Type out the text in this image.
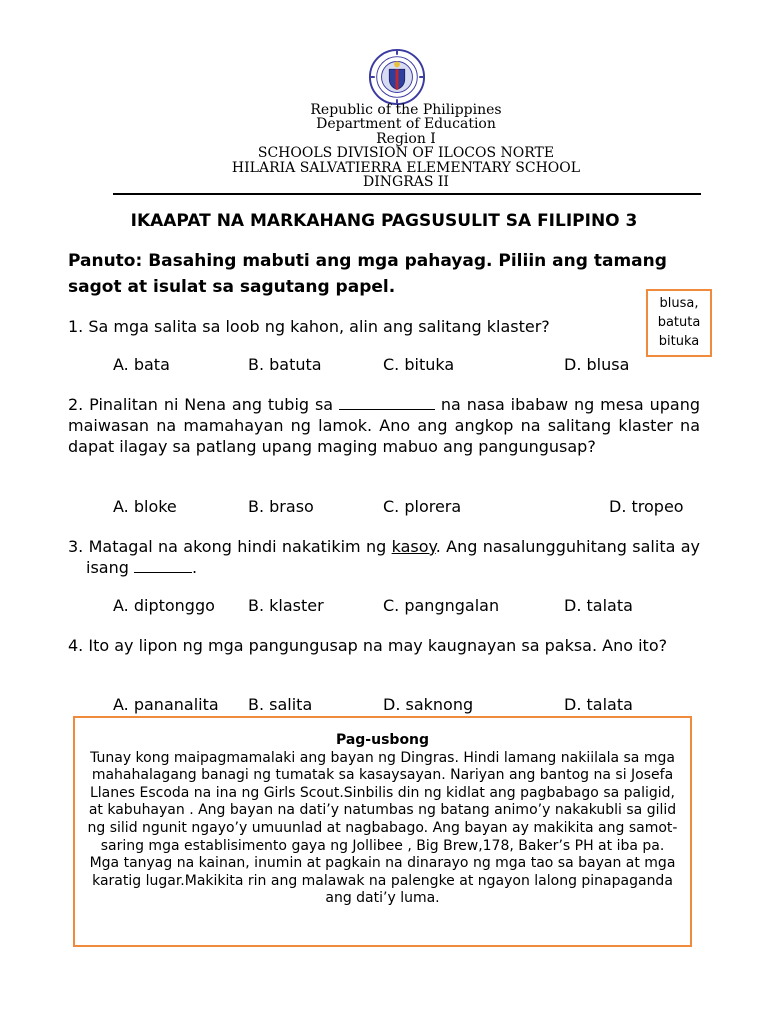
Republic of the Philippines
Department of Education
Region I
SCHOOLS DIVISION OF ILOCOS NORTE
HILARIA SALVATIERRA ELEMENTARY SCHOOL
DINGRAS II
IKAAPAT NA MARKAHANG PAGSUSULIT SA FILIPINO 3
Panuto: Basahing mabuti ang mga pahayag. Piliin ang tamang sagot at isulat sa sagutang papel.
blusa,
batuta
bituka
1. Sa mga salita sa loob ng kahon, alin ang salitang klaster?
A. bata	B. batuta	C. bituka	D. blusa
2. Pinalitan ni Nena ang tubig sa	na nasa ibabaw ng mesa upang maiwasan na mamahayan ng lamok. Ano ang angkop na salitang klaster na dapat ilagay sa patlang upang maging mabuo ang pangungusap?
A. bloke	B. braso	C. plorera	D. tropeo
3. Matagal na akong hindi nakatikim ng kasoy. Ang nasalungguhitang salita ay isang	.
A. diptonggo B. klaster	C. pangngalan	D. talata
4. Ito ay lipon ng mga pangungusap na may kaugnayan sa paksa. Ano ito?
A. pananalita B. salita	D. saknong	D. talata
Pag-usbong
Tunay kong maipagmamalaki ang bayan ng Dingras. Hindi lamang nakiilala sa mga mahahalagang banagi ng tumatak sa kasaysayan. Nariyan ang bantog na si Josefa Llanes Escoda na ina ng Girls Scout.Sinbilis din ng kidlat ang pagbabago sa paligid, at kabuhayan . Ang bayan na dati’y natumbas ng batang animo’y nakakubli sa gilid ng silid ngunit ngayo’y umuunlad at nagbabago. Ang bayan ay makikita ang samot-saring mga establisimento gaya ng Jollibee , Big Brew,178, Baker’s PH at iba pa. Mga tanyag na kainan, inumin at pagkain na dinarayo ng mga tao sa bayan at mga karatig lugar.Makikita rin ang malawak na palengke at ngayon lalong pinapaganda ang dati’y luma.
